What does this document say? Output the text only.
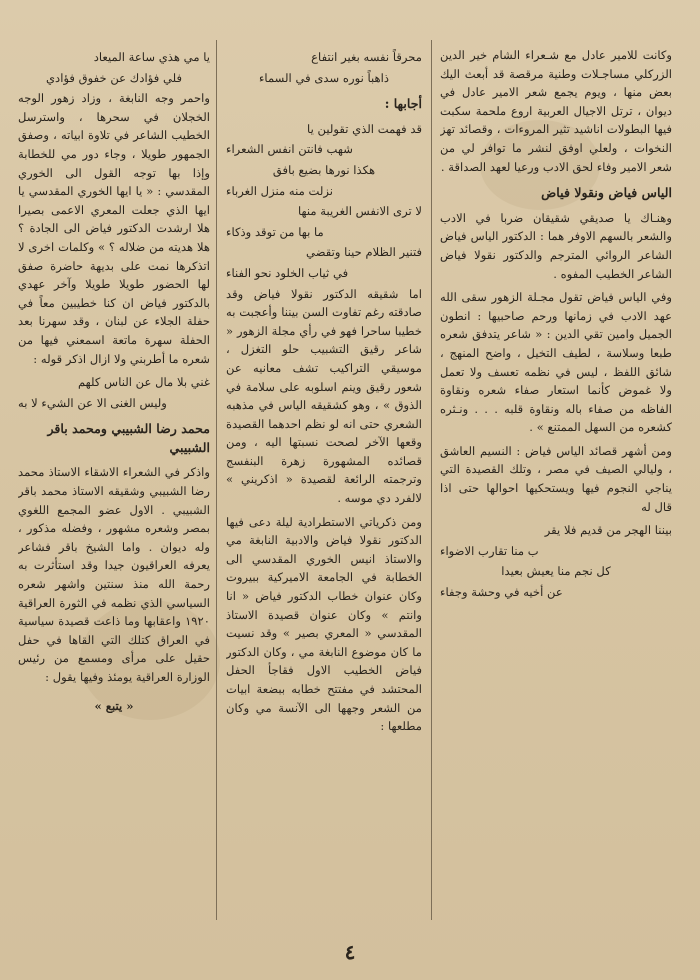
وكانت للامير عادل مع شـعراء الشام خير الدين الزركلي مساجـلات وطنية مرقصة قد أبعث اليك بعض منها ، ويوم يجمع شعر الامير عادل في ديوان ، ترتل الاجيال العربية اروع ملحمة سكبت فيها البطولات اناشيد تثير المروءات ، وقصائد تهز النخوات ، ولعلي اوفق لنشر ما توافر لي من شعر الامير وفاء لحق الادب ورعيا لعهد الصداقة .

الياس فياض ونقولا فياض

وهنـاك يا صديقي شقيقان ضربا في الادب والشعر بالسهم الاوفر هما : الدكتور الياس فياض الشاعر الروائي المترجم والدكتور نقولا فياض الشاعر الخطيب المفوه .

وفي الياس فياض تقول مجـلة الزهور سقى الله عهد الادب في زمانها ورحم صاحبيها : انطون الجميل وامين تقي الدين : « شاعر يتدفق شعره طبعا وسلاسة ، لطيف التخيل ، واضح المنهج ، شائق اللفظ ، ليس في نظمه تعسف ولا تعمل ولا غموض كأنما استعار صفاء شعره ونقاوة الفاظه من صفاء باله ونقاوة قلبه . . . ونـثره كشعره من السهل الممتنع » .

ومن أشهر قصائد الياس فياض : النسيم العاشق ، وليالي الصيف في مصر ، وتلك القصيدة التي يناجي النجوم فيها ويستحكيها احوالها حتى اذا قال له

بيننا الهجر من قديم فلا يقر
ب منا تقارب الاضواء
كل نجم منا يعيش بعيدا
عن أخيه في وحشة وجفاء
محرقاً نفسه بغير انتفاع
ذاهباً نوره سدى في السماء
أجابها :
قد فهمت الذي تقولين يا
شهب فانتن انفس الشعراء
هكذا نورها بضيع بافق
نزلت منه منزل الغرباء
لا ترى الانفس الغريبة منها
ما بها من توقد وذكاء
فتنير الظلام حينا وتقضي
في ثياب الخلود نحو الفناء

اما شقيقه الدكتور نقولا فياض وقد صادقته رغم تفاوت السن بيننا وأعجبت به خطيبا ساحرا فهو في رأي مجلة الزهور « شاعر رقيق التشبيب حلو التغزل ، موسيقي التراكيب تشف معانيه عن شعور رقيق وينم اسلوبه على سلامة في الذوق » ، وهو كشقيقه الياس في مذهبه الشعري حتى انه لو نظم احدهما القصيدة وقعها الآخر لصحت نسبتها اليه ، ومن قصائده المشهورة زهرة البنفسج وترجمته الرائعة لقصيدة « اذكريني » لالفرد دي موسه .

ومن ذكرياتي الاستطرادية ليلة دعى فيها الدكتور نقولا فياض والادبية النابغة مي والاستاذ انيس الخوري المقدسي الى الخطابة في الجامعة الاميركية ببيروت وكان عنوان خطاب الدكتور فياض « انا وانتم » وكان عنوان قصيدة الاستاذ المقدسي « المعري بصير » وقد نسيت ما كان موضوع النابغة مي ، وكان الدكتور فياض الخطيب الاول فقاجأ الحفل المحتشد في مفتتح خطابه ببضعة ابيات من الشعر وجهها الى الآنسة مي وكان مطلعها :

يا مي هذي ساعة الميعاد
فلي فؤادك عن خفوق فؤادي

واحمر وجه النابغة ، وزاد زهور الوجه الخجلان في سحرها ، واسترسل الخطيب الشاعر في تلاوة ابياته ، وصفق الجمهور طويلا ، وجاء دور مي للخطابة وإذا بها توجه القول الى الخوري المقدسي : « يا ايها الخوري المقدسي يا ايها الذي جعلت المعري الاعمى بصيرا هلا ارشدت الدكتور فياض الى الجادة ؟ هلا هديته من ضلاله ؟ » وكلمات اخرى لا اتذكرها نمت على بديهة حاضرة صفق لها الحضور طويلا طويلا وآخر عهدي بالدكتور فياض ان كنا خطيبين معاً في حفلة الجلاء عن لبنان ، وقد سهرنا بعد الحفلة سهرة ماتعة اسمعني فيها من شعره ما أطربني ولا ازال اذكر قوله :

غني بلا مال عن الناس كلهم
وليس الغنى الا عن الشيء لا به
محمد رضا الشبيبي ومحمد باقر الشبيبي

واذكر في الشعراء الاشقاء الاستاذ محمد رضا الشبيبي وشقيقه الاستاذ محمد باقر الشبيبي . الاول عضو المجمع اللغوي بمصر وشعره مشهور ، وفضله مذكور ، وله ديوان . واما الشيخ باقر فشاعر يعرفه العراقيون جيدا وقد استأثرت به رحمة الله منذ سنتين واشهر شعره السياسي الذي نظمه في الثورة العراقية ١٩٢٠ واعقابها وما ذاعت قصيدة سياسية في العراق كتلك التي القاها في حفل حقيل على مرأى ومسمع من رئيس الوزارة العراقية يومئذ وفيها يقول :

« يتبع »
٤
